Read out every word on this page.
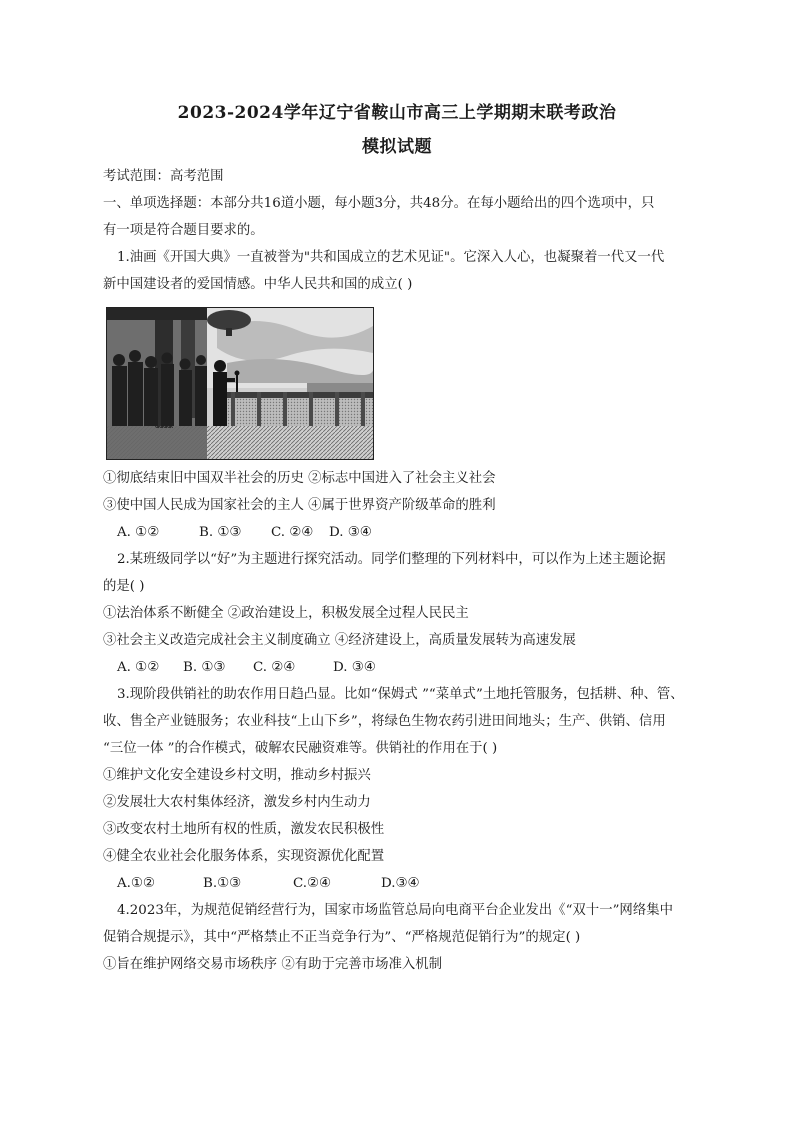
2023-2024学年辽宁省鞍山市高三上学期期末联考政治
模拟试题
考试范围：高考范围
一、单项选择题：本部分共16道小题，每小题3分，共48分。在每小题给出的四个选项中，只
有一项是符合题目要求的。
1.油画《开国大典》一直被誉为"共和国成立的艺术见证"。它深入人心，也凝聚着一代又一代
新中国建设者的爱国情感。中华人民共和国的成立( )
①彻底结束旧中国双半社会的历史 ②标志中国进入了社会主义社会
③使中国人民成为国家社会的主人 ④属于世界资产阶级革命的胜利
A. ①②	B. ①③ C. ②④ D. ③④
2.某班级同学以“好”为主题进行探究活动。同学们整理的下列材料中，可以作为上述主题论据
的是( )
①法治体系不断健全 ②政治建设上，积极发展全过程人民民主
③社会主义改造完成社会主义制度确立 ④经济建设上，高质量发展转为高速发展
A. ①② B. ①③ C. ②④	D. ③④
3.现阶段供销社的助农作用日趋凸显。比如“保姆式 ”“菜单式”土地托管服务，包括耕、种、管、
收、售全产业链服务；农业科技“上山下乡”，将绿色生物农药引进田间地头；生产、供销、信用
“三位一体 ”的合作模式，破解农民融资难等。供销社的作用在于( )
①维护文化安全建设乡村文明，推动乡村振兴
②发展壮大农村集体经济，激发乡村内生动力
③改变农村土地所有权的性质，激发农民积极性
④健全农业社会化服务体系，实现资源优化配置
A.①②	B.①③	C.②④	D.③④
4.2023年，为规范促销经营行为，国家市场监管总局向电商平台企业发出《“双十一”网络集中
促销合规提示》，其中“严格禁止不正当竞争行为”、“严格规范促销行为”的规定( )
①旨在维护网络交易市场秩序 ②有助于完善市场准入机制
